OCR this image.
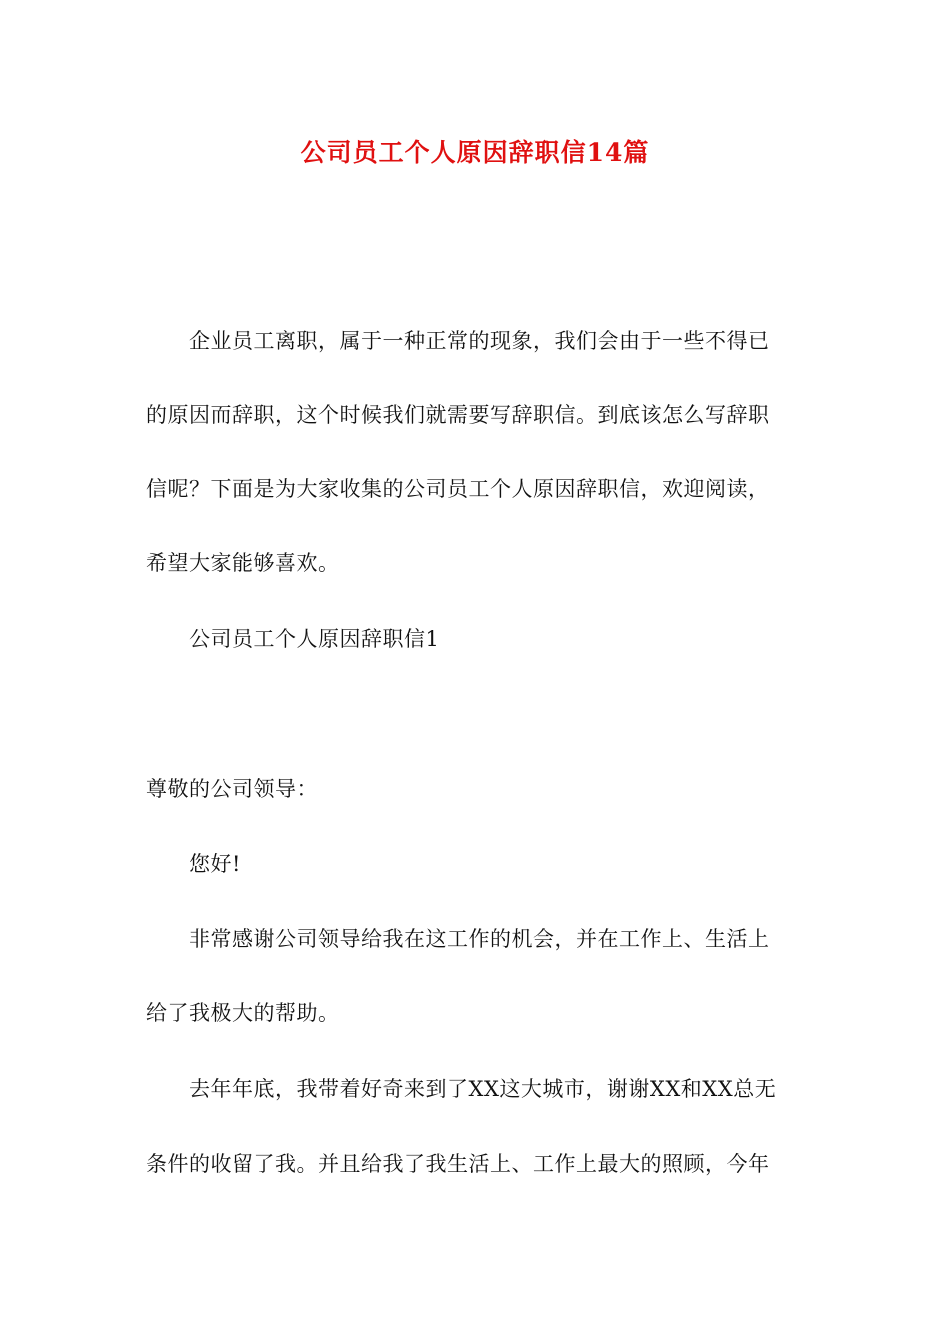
公司员工个人原因辞职信14篇
企业员工离职，属于一种正常的现象，我们会由于一些不得已
的原因而辞职，这个时候我们就需要写辞职信。到底该怎么写辞职
信呢？下面是为大家收集的公司员工个人原因辞职信，欢迎阅读，
希望大家能够喜欢。
公司员工个人原因辞职信1
尊敬的公司领导：
您好!
非常感谢公司领导给我在这工作的机会，并在工作上、生活上
给了我极大的帮助。
去年年底，我带着好奇来到了XX这大城市，谢谢XX和XX总无
条件的收留了我。并且给我了我生活上、工作上最大的照顾，今年
